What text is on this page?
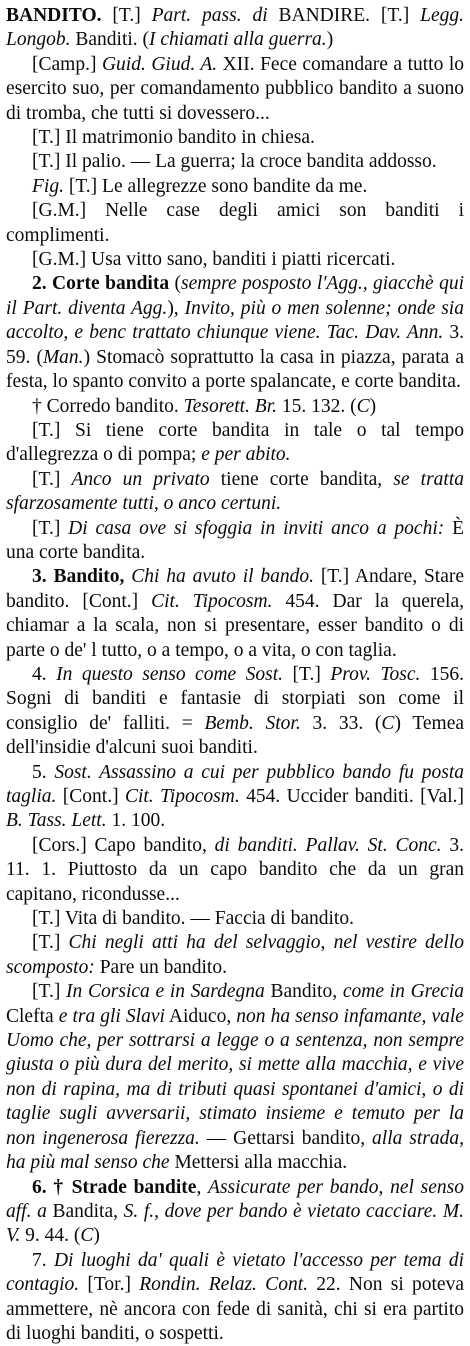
BANDITO. [T.] Part. pass. di BANDIRE. [T.] Legg. Longob. Banditi. (I chiamati alla guerra.)

[Camp.] Guid. Giud. A. XII. Fece comandare a tutto lo esercito suo, per comandamento pubblico bandito a suono di tromba, che tutti si dovessero...

[T.] Il matrimonio bandito in chiesa.

[T.] Il palio. — La guerra; la croce bandita addosso.

Fig. [T.] Le allegrezze sono bandite da me.

[G.M.] Nelle case degli amici son banditi i complimenti.

[G.M.] Usa vitto sano, banditi i piatti ricercati.

2. Corte bandita (sempre posposto l'Agg., giacchè qui il Part. diventa Agg.), Invito, più o men solenne; onde sia accolto, e benc trattato chiunque viene. Tac. Dav. Ann. 3. 59. (Man.) Stomacò soprattutto la casa in piazza, parata a festa, lo spanto convito a porte spalancate, e corte bandita.

† Corredo bandito. Tesorett. Br. 15. 132. (C)

[T.] Si tiene corte bandita in tale o tal tempo d'allegrezza o di pompa; e per abito.

[T.] Anco un privato tiene corte bandita, se tratta sfarzosamente tutti, o anco certuni.

[T.] Di casa ove si sfoggia in inviti anco a pochi: È una corte bandita.

3. Bandito, Chi ha avuto il bando. [T.] Andare, Stare bandito. [Cont.] Cit. Tipocosm. 454. Dar la querela, chiamar a la scala, non si presentare, esser bandito o di parte o de' l tutto, o a tempo, o a vita, o con taglia.

4. In questo senso come Sost. [T.] Prov. Tosc. 156. Sogni di banditi e fantasie di storpiati son come il consiglio de' falliti. = Bemb. Stor. 3. 33. (C) Temea dell'insidie d'alcuni suoi banditi.

5. Sost. Assassino a cui per pubblico bando fu posta taglia. [Cont.] Cit. Tipocosm. 454. Uccider banditi. [Val.] B. Tass. Lett. 1. 100.

[Cors.] Capo bandito, di banditi. Pallav. St. Conc. 3. 11. 1. Piuttosto da un capo bandito che da un gran capitano, ricondusse...

[T.] Vita di bandito. — Faccia di bandito.

[T.] Chi negli atti ha del selvaggio, nel vestire dello scomposto: Pare un bandito.

[T.] In Corsica e in Sardegna Bandito, come in Grecia Clefta e tra gli Slavi Aiduco, non ha senso infamante, vale Uomo che, per sottrarsi a legge o a sentenza, non sempre giusta o più dura del merito, si mette alla macchia, e vive non di rapina, ma di tributi quasi spontanei d'amici, o di taglie sugli avversarii, stimato insieme e temuto per la non ingenerosa fierezza. — Gettarsi bandito, alla strada, ha più mal senso che Mettersi alla macchia.

6. † Strade bandite, Assicurate per bando, nel senso aff. a Bandita, S. f., dove per bando è vietato cacciare. M. V. 9. 44. (C)

7. Di luoghi da' quali è vietato l'accesso per tema di contagio. [Tor.] Rondin. Relaz. Cont. 22. Non si poteva ammettere, nè ancora con fede di sanità, chi si era partito di luoghi banditi, o sospetti.
